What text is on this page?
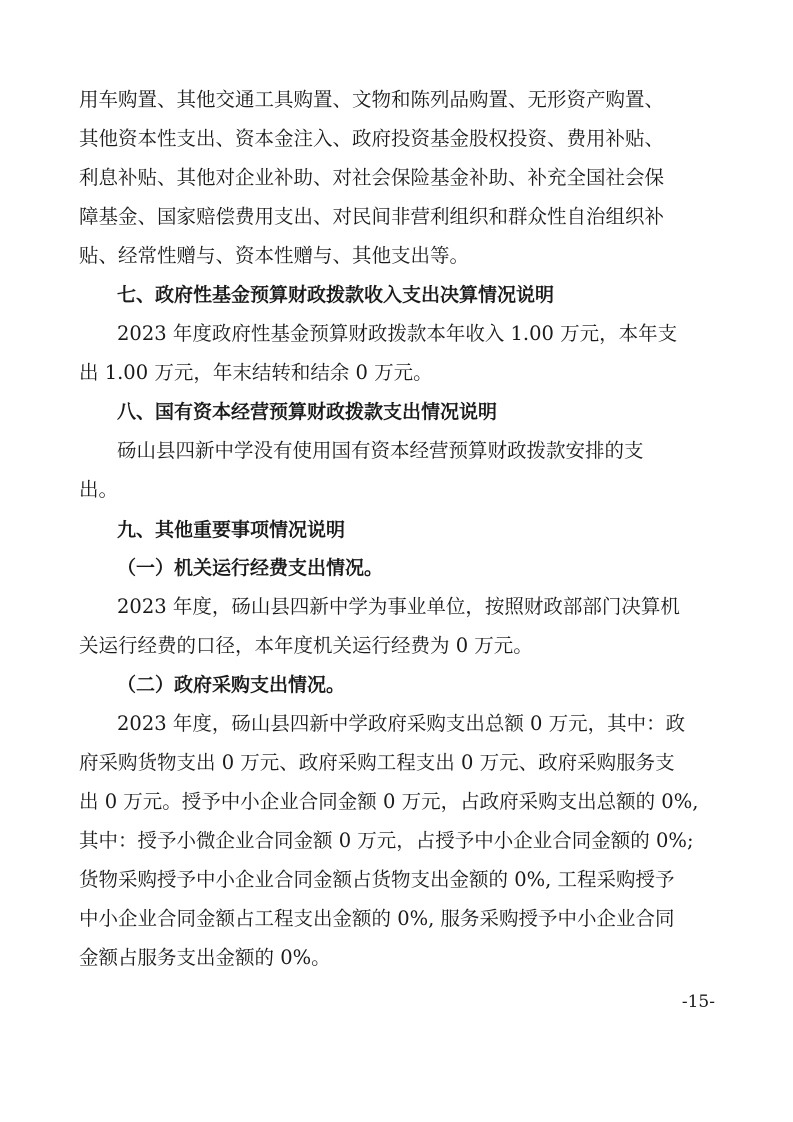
用车购置、其他交通工具购置、文物和陈列品购置、无形资产购置、
其他资本性支出、资本金注入、政府投资基金股权投资、费用补贴、
利息补贴、其他对企业补助、对社会保险基金补助、补充全国社会保
障基金、国家赔偿费用支出、对民间非营利组织和群众性自治组织补
贴、经常性赠与、资本性赠与、其他支出等。
七、政府性基金预算财政拨款收入支出决算情况说明
2023 年度政府性基金预算财政拨款本年收入 1.00 万元，本年支
出 1.00 万元，年末结转和结余 0 万元。
八、国有资本经营预算财政拨款支出情况说明
砀山县四新中学没有使用国有资本经营预算财政拨款安排的支
出。
九、其他重要事项情况说明
（一）机关运行经费支出情况。
2023 年度，砀山县四新中学为事业单位，按照财政部部门决算机
关运行经费的口径，本年度机关运行经费为 0 万元。
（二）政府采购支出情况。
2023 年度，砀山县四新中学政府采购支出总额 0 万元，其中：政
府采购货物支出 0 万元、政府采购工程支出 0 万元、政府采购服务支
出 0 万元。授予中小企业合同金额 0 万元，占政府采购支出总额的 0%,
其中：授予小微企业合同金额 0 万元，占授予中小企业合同金额的 0%;
货物采购授予中小企业合同金额占货物支出金额的 0%, 工程采购授予
中小企业合同金额占工程支出金额的 0%, 服务采购授予中小企业合同
金额占服务支出金额的 0%。
-15-
